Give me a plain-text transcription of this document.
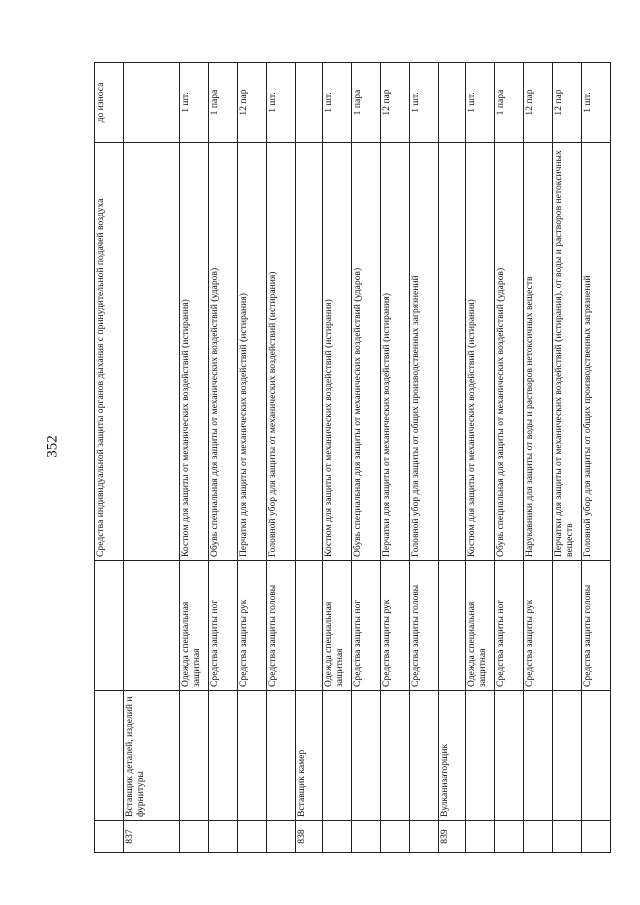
352
				Средства индивидуальной защиты органов дыхания с принудительной подачей воздуха	до износа
837	Вставщик деталей, изделий и фурнитуры			
		Одежда специальная защитная	Костюм для защиты от механических воздействий (истирания)	1 шт.
		Средства защиты ног	Обувь специальная для защиты от механических воздействий (ударов)	1 пара
		Средства защиты рук	Перчатки для защиты от механических воздействий (истирания)	12 пар
		Средства защиты головы	Головной убор для защиты от механических воздействий (истирания)	1 шт.
838	Вставщик камер			
		Одежда специальная защитная	Костюм для защиты от механических воздействий (истирания)	1 шт.
		Средства защиты ног	Обувь специальная для защиты от механических воздействий (ударов)	1 пара
		Средства защиты рук	Перчатки для защиты от механических воздействий (истирания)	12 пар
		Средства защиты головы	Головной убор для защиты от общих производственных загрязнений	1 шт.
839	Вулканизаторщик			
		Одежда специальная защитная	Костюм для защиты от механических воздействий (истирания)	1 шт.
		Средства защиты ног	Обувь специальная для защиты от механических воздействий (ударов)	1 пара
		Средства защиты рук	Нарукавники для защиты от воды и растворов нетоксичных веществ	12 пар
			Перчатки для защиты от механических воздействий (истирания), от воды и растворов нетоксичных веществ	12 пар
		Средства защиты головы	Головной убор для защиты от общих производственных загрязнений	1 шт.
